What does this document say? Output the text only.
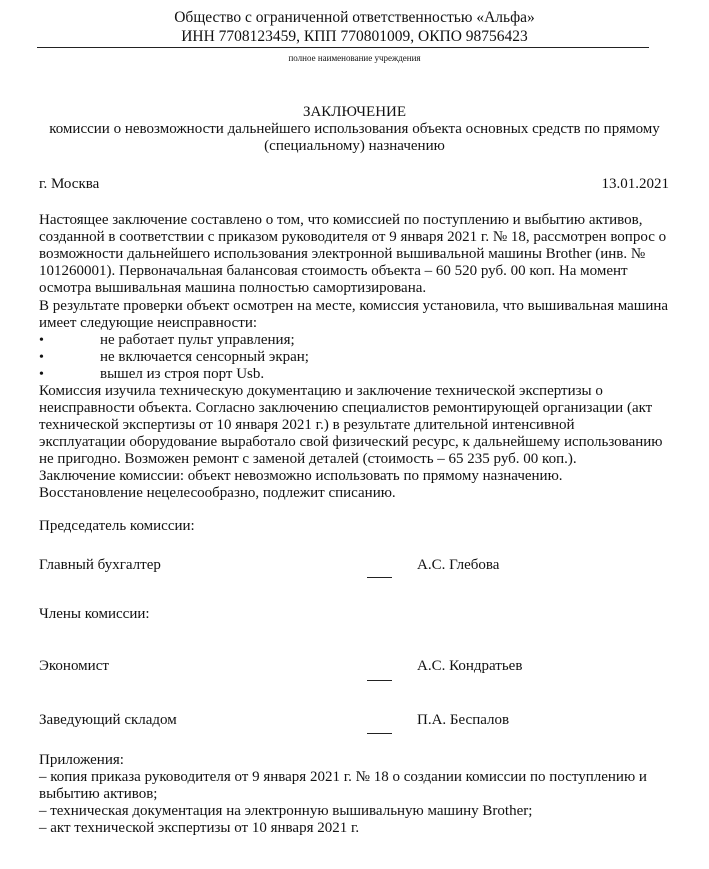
Общество с ограниченной ответственностью «Альфа»
ИНН 7708123459, КПП 770801009, ОКПО 98756423
полное наименование учреждения
ЗАКЛЮЧЕНИЕ
комиссии о невозможности дальнейшего использования объекта основных средств по прямому
(специальному) назначению
г. Москва	13.01.2021
Настоящее заключение составлено о том, что комиссией по поступлению и выбытию активов,
созданной в соответствии с приказом руководителя от 9 января 2021 г. № 18, рассмотрен вопрос о
возможности дальнейшего использования электронной вышивальной машины Brother (инв. №
101260001). Первоначальная балансовая стоимость объекта – 60 520 руб. 00 коп. На момент
осмотра вышивальная машина полностью самортизирована.
В результате проверки объект осмотрен на месте, комиссия установила, что вышивальная машина
имеет следующие неисправности:
•	не работает пульт управления;
•	не включается сенсорный экран;
•	вышел из строя порт Usb.
Комиссия изучила техническую документацию и заключение технической экспертизы о
неисправности объекта. Согласно заключению специалистов ремонтирующей организации (акт
технической экспертизы от 10 января 2021 г.) в результате длительной интенсивной
эксплуатации оборудование выработало свой физический ресурс, к дальнейшему использованию
не пригодно. Возможен ремонт с заменой деталей (стоимость – 65 235 руб. 00 коп.).
Заключение комиссии: объект невозможно использовать по прямому назначению.
Восстановление нецелесообразно, подлежит списанию.
Председатель комиссии:
Главный бухгалтер	А.С. Глебова
Члены комиссии:
Экономист	А.С. Кондратьев
Заведующий складом	П.А. Беспалов
Приложения:
– копия приказа руководителя от 9 января 2021 г. № 18 о создании комиссии по поступлению и
выбытию активов;
– техническая документация на электронную вышивальную машину Brother;
– акт технической экспертизы от 10 января 2021 г.
